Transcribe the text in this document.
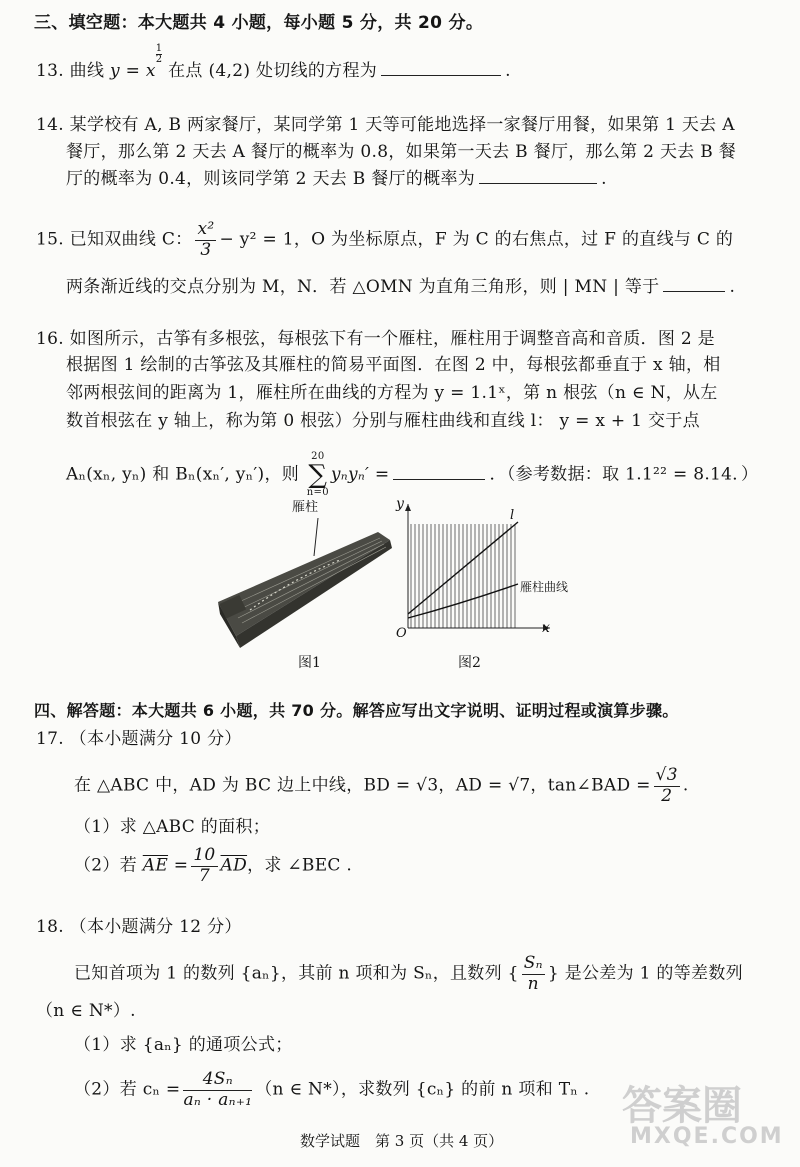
三、填空题：本大题共 4 小题，每小题 5 分，共 20 分。
13. 曲线 y = x
$\frac{1}{2}$
在点 (4,2) 处切线的方程为	.
14. 某学校有 A, B 两家餐厅，某同学第 1 天等可能地选择一家餐厅用餐，如果第 1 天去 A
餐厅，那么第 2 天去 A 餐厅的概率为 0.8，如果第一天去 B 餐厅，那么第 2 天去 B 餐
厅的概率为 0.4，则该同学第 2 天去 B 餐厅的概率为	.
15. 已知双曲线 C： $\frac{\text{x²}}{3} - y^2 = 1$，O 为坐标原点，F 为 C 的右焦点，过 F 的直线与 C 的
两条渐近线的交点分别为 M，N．若 △OMN 为直角三角形，则 | MN | 等于	.
16. 如图所示，古筝有多根弦，每根弦下有一个雁柱，雁柱用于调整音高和音质．图 2 是
根据图 1 绘制的古筝弦及其雁柱的简易平面图．在图 2 中，每根弦都垂直于 x 轴，相
邻两根弦间的距离为 1，雁柱所在曲线的方程为 y = 1.1ˣ，第 n 根弦（n ∈ N，从左
数首根弦在 y 轴上，称为第 0 根弦）分别与雁柱曲线和直线 l： y = x + 1 交于点
Aₙ(xₙ, yₙ) 和 Bₙ(xₙ′, yₙ′)，则
20
∑
n=0
yₙyₙ′ =	．（参考数据：取 1.1²² = 8.14．）
雁柱
图1
y
x
O
l
雁柱曲线
图2
四、解答题：本大题共 6 小题，共 70 分。解答应写出文字说明、证明过程或演算步骤。
17. （本小题满分 10 分）
在 △ABC 中，AD 为 BC 边上中线，BD = √3，AD = √7，tan∠BAD = $\frac{√3}{2}$ .
（1）求 △ABC 的面积；
（2）若 $\overline{AE} = \frac{10}{7} \overline{AD}$，求 ∠BEC .
18. （本小题满分 12 分）
已知首项为 1 的数列 {aₙ}，其前 n 项和为 Sₙ，且数列 { $\frac{\text{Sₙ}}{n}$ } 是公差为 1 的等差数列
（n ∈ N*）.
（1）求 {aₙ} 的通项公式；
（2）若 $c_n = \frac{\text{4Sₙ}}{\text{aₙ · aₙ₊₁}} (n$ ∈ N*），求数列 {cₙ} 的前 n 项和 Tₙ .
数学试题　第 3 页（共 4 页）
答案圈
MXQE.COM
